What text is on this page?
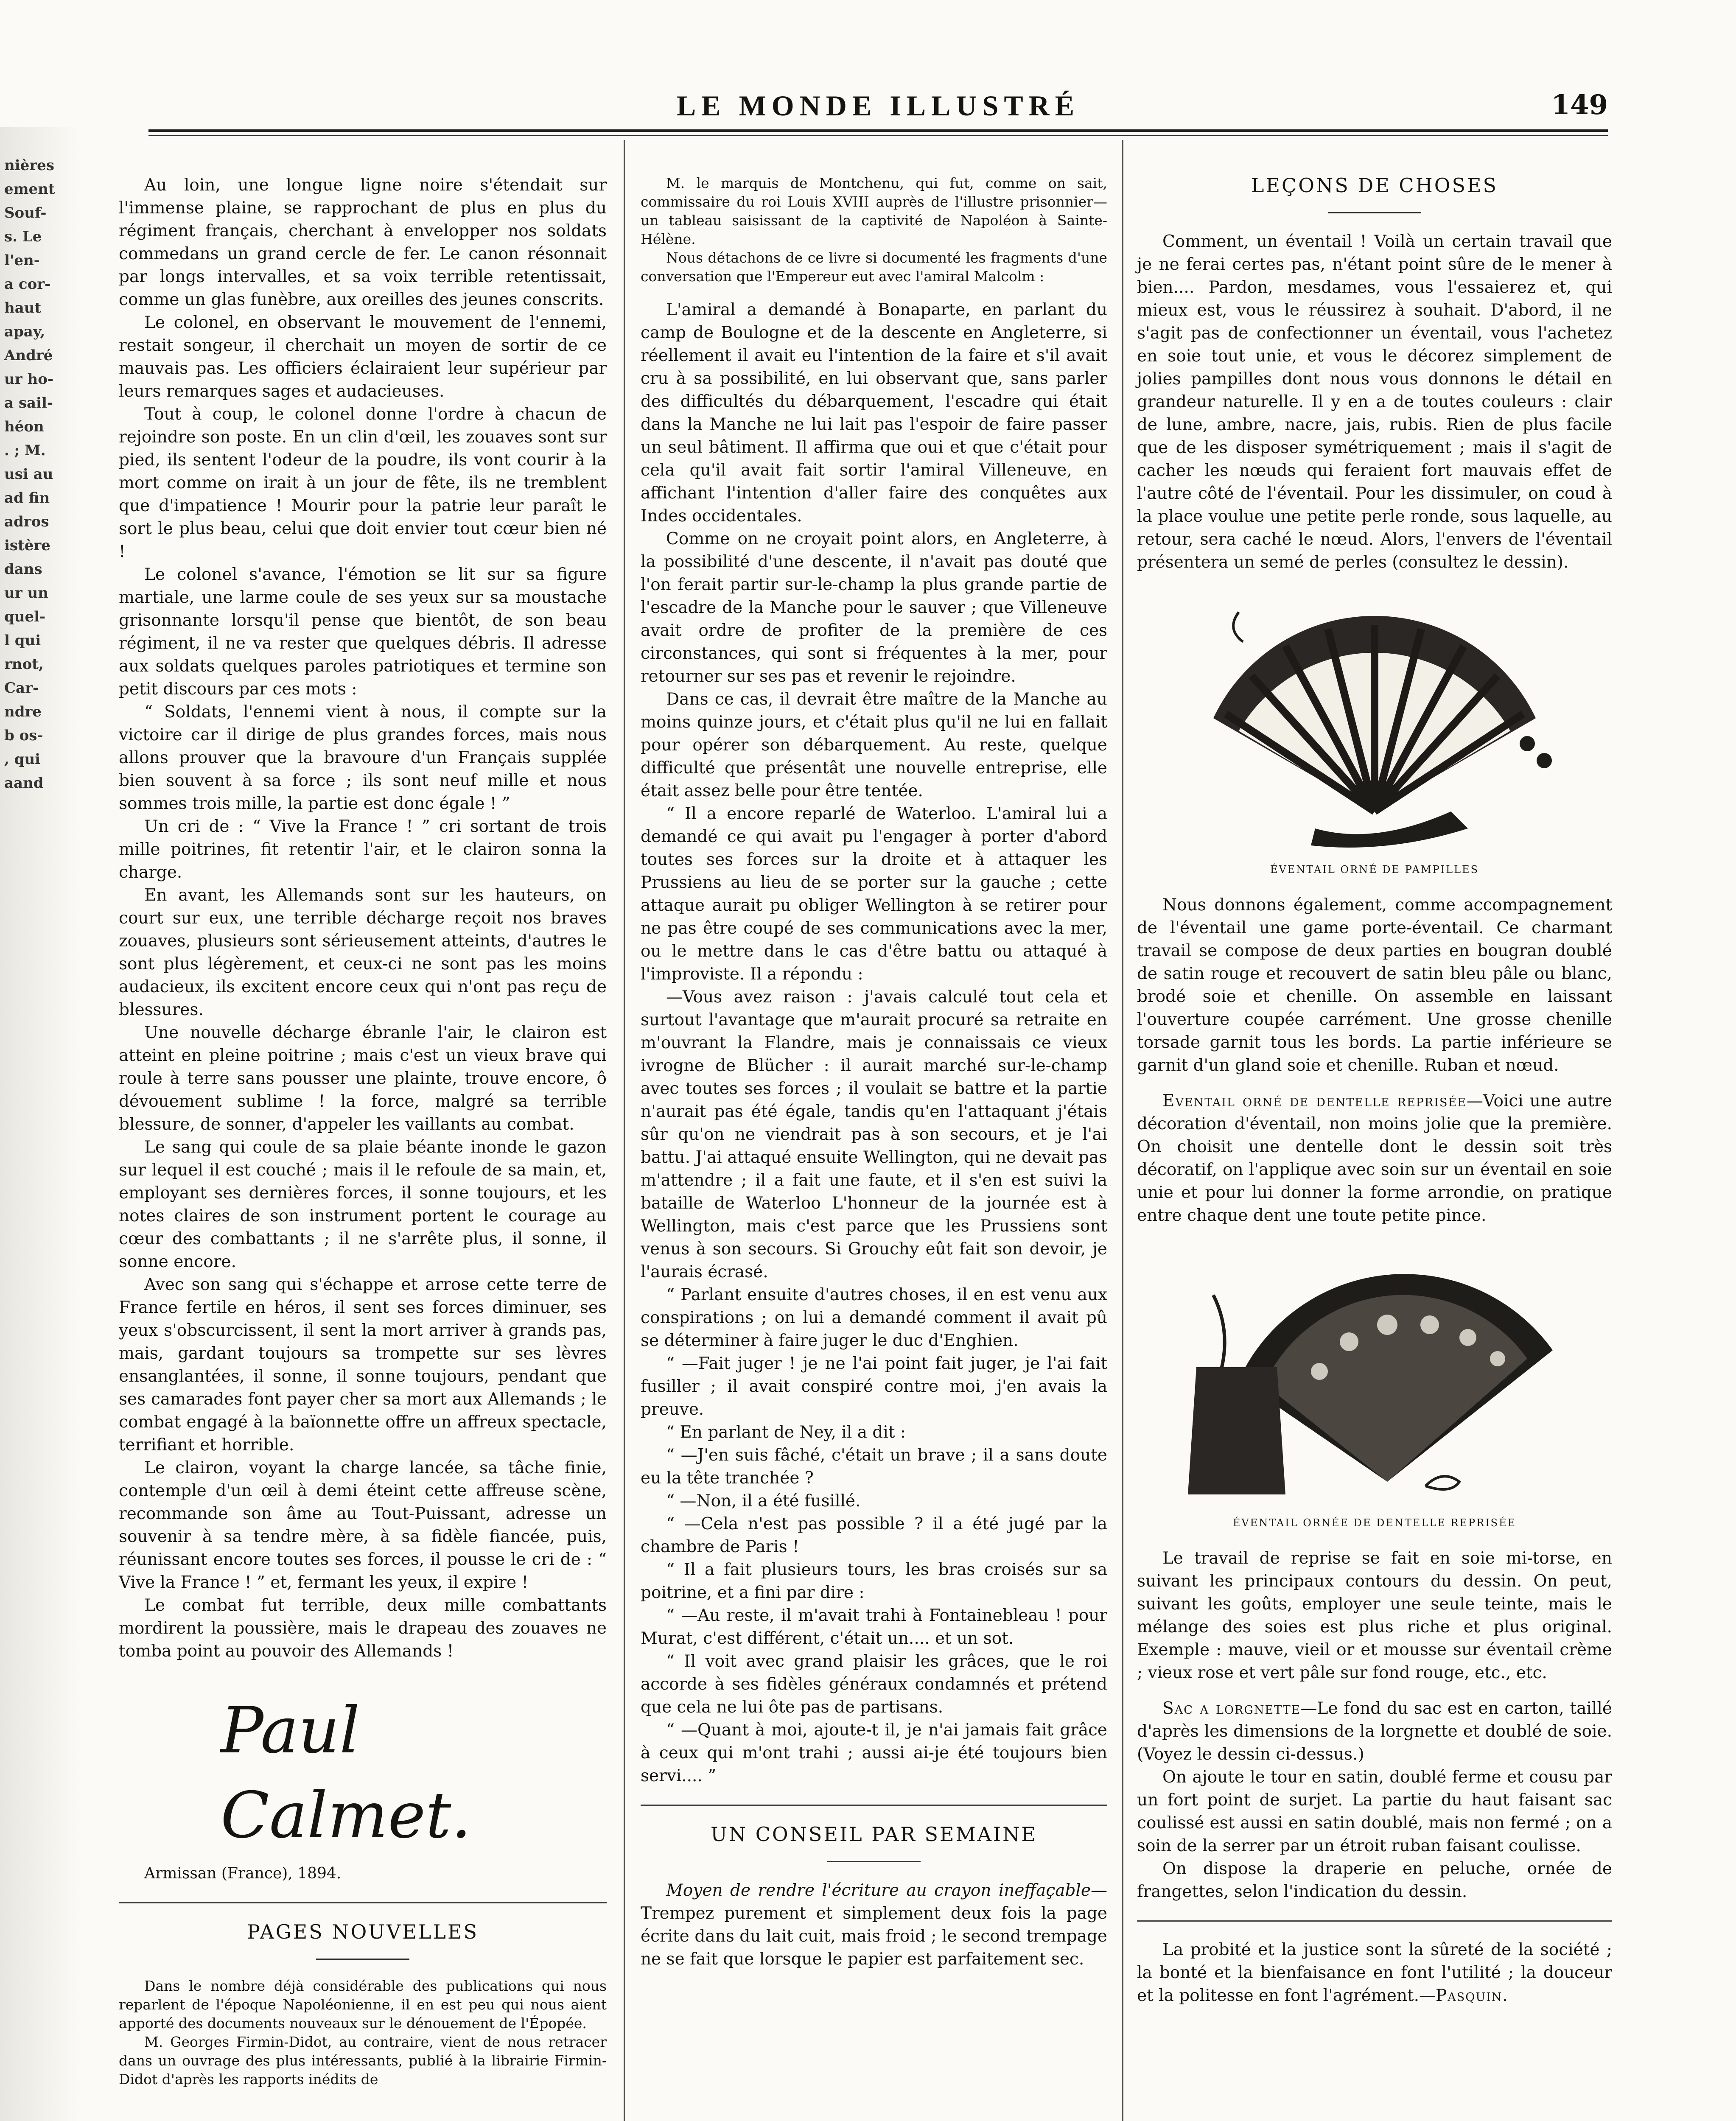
nières
ement
Souf-
s. Le
l'en-
a cor-
haut
apay,
André
ur ho-
a sail-
héon
. ; M.
usi au
ad fin
adros
istère
dans
ur un
quel-
l qui
rnot,
Car-
ndre
b os-
, qui
aand
LE MONDE ILLUSTRÉ	149

Au loin, une longue ligne noire s'étendait sur l'immense plaine, se rapprochant de plus en plus du régiment français, cherchant à envelopper nos soldats commedans un grand cercle de fer. Le canon résonnait par longs intervalles, et sa voix terrible retentissait, comme un glas funèbre, aux oreilles des jeunes conscrits.

Le colonel, en observant le mouvement de l'ennemi, restait songeur, il cherchait un moyen de sortir de ce mauvais pas. Les officiers éclairaient leur supérieur par leurs remarques sages et audacieuses.

Tout à coup, le colonel donne l'ordre à chacun de rejoindre son poste. En un clin d'œil, les zouaves sont sur pied, ils sentent l'odeur de la poudre, ils vont courir à la mort comme on irait à un jour de fête, ils ne tremblent que d'impatience ! Mourir pour la patrie leur paraît le sort le plus beau, celui que doit envier tout cœur bien né !

Le colonel s'avance, l'émotion se lit sur sa figure martiale, une larme coule de ses yeux sur sa moustache grisonnante lorsqu'il pense que bientôt, de son beau régiment, il ne va rester que quelques débris. Il adresse aux soldats quelques paroles patriotiques et termine son petit discours par ces mots :

“ Soldats, l'ennemi vient à nous, il compte sur la victoire car il dirige de plus grandes forces, mais nous allons prouver que la bravoure d'un Français supplée bien souvent à sa force ; ils sont neuf mille et nous sommes trois mille, la partie est donc égale ! ”

Un cri de : “ Vive la France ! ” cri sortant de trois mille poitrines, fit retentir l'air, et le clairon sonna la charge.

En avant, les Allemands sont sur les hauteurs, on court sur eux, une terrible décharge reçoit nos braves zouaves, plusieurs sont sérieusement atteints, d'autres le sont plus légèrement, et ceux-ci ne sont pas les moins audacieux, ils excitent encore ceux qui n'ont pas reçu de blessures.

Une nouvelle décharge ébranle l'air, le clairon est atteint en pleine poitrine ; mais c'est un vieux brave qui roule à terre sans pousser une plainte, trouve encore, ô dévouement sublime ! la force, malgré sa terrible blessure, de sonner, d'appeler les vaillants au combat.

Le sang qui coule de sa plaie béante inonde le gazon sur lequel il est couché ; mais il le refoule de sa main, et, employant ses dernières forces, il sonne toujours, et les notes claires de son instrument portent le courage au cœur des combattants ; il ne s'arrête plus, il sonne, il sonne encore.

Avec son sang qui s'échappe et arrose cette terre de France fertile en héros, il sent ses forces diminuer, ses yeux s'obscurcissent, il sent la mort arriver à grands pas, mais, gardant toujours sa trompette sur ses lèvres ensanglantées, il sonne, il sonne toujours, pendant que ses camarades font payer cher sa mort aux Allemands ; le combat engagé à la baïonnette offre un affreux spectacle, terrifiant et horrible.

Le clairon, voyant la charge lancée, sa tâche finie, contemple d'un œil à demi éteint cette affreuse scène, recommande son âme au Tout-Puissant, adresse un souvenir à sa tendre mère, à sa fidèle fiancée, puis, réunissant encore toutes ses forces, il pousse le cri de : “ Vive la France ! ” et, fermant les yeux, il expire !

Le combat fut terrible, deux mille combattants mordirent la poussière, mais le drapeau des zouaves ne tomba point au pouvoir des Allemands !

Paul Calmet.

Armissan (France), 1894.

PAGES NOUVELLES

Dans le nombre déjà considérable des publications qui nous reparlent de l'époque Napoléonienne, il en est peu qui nous aient apporté des documents nouveaux sur le dénouement de l'Épopée.

M. Georges Firmin-Didot, au contraire, vient de nous retracer dans un ouvrage des plus intéressants, publié à la librairie Firmin-Didot d'après les rapports inédits de

M. le marquis de Montchenu, qui fut, comme on sait, commissaire du roi Louis XVIII auprès de l'illustre prisonnier—un tableau saisissant de la captivité de Napoléon à Sainte-Hélène.

Nous détachons de ce livre si documenté les fragments d'une conversation que l'Empereur eut avec l'amiral Malcolm :

L'amiral a demandé à Bonaparte, en parlant du camp de Boulogne et de la descente en Angleterre, si réellement il avait eu l'intention de la faire et s'il avait cru à sa possibilité, en lui observant que, sans parler des difficultés du débarquement, l'escadre qui était dans la Manche ne lui lait pas l'espoir de faire passer un seul bâtiment. Il affirma que oui et que c'était pour cela qu'il avait fait sortir l'amiral Villeneuve, en affichant l'intention d'aller faire des conquêtes aux Indes occidentales.

Comme on ne croyait point alors, en Angleterre, à la possibilité d'une descente, il n'avait pas douté que l'on ferait partir sur-le-champ la plus grande partie de l'escadre de la Manche pour le sauver ; que Villeneuve avait ordre de profiter de la première de ces circonstances, qui sont si fréquentes à la mer, pour retourner sur ses pas et revenir le rejoindre.

Dans ce cas, il devrait être maître de la Manche au moins quinze jours, et c'était plus qu'il ne lui en fallait pour opérer son débarquement. Au reste, quelque difficulté que présentât une nouvelle entreprise, elle était assez belle pour être tentée.

“ Il a encore reparlé de Waterloo. L'amiral lui a demandé ce qui avait pu l'engager à porter d'abord toutes ses forces sur la droite et à attaquer les Prussiens au lieu de se porter sur la gauche ; cette attaque aurait pu obliger Wellington à se retirer pour ne pas être coupé de ses communications avec la mer, ou le mettre dans le cas d'être battu ou attaqué à l'improviste. Il a répondu :

—Vous avez raison : j'avais calculé tout cela et surtout l'avantage que m'aurait procuré sa retraite en m'ouvrant la Flandre, mais je connaissais ce vieux ivrogne de Blücher : il aurait marché sur-le-champ avec toutes ses forces ; il voulait se battre et la partie n'aurait pas été égale, tandis qu'en l'attaquant j'étais sûr qu'on ne viendrait pas à son secours, et je l'ai battu. J'ai attaqué ensuite Wellington, qui ne devait pas m'attendre ; il a fait une faute, et il s'en est suivi la bataille de Waterloo L'honneur de la journée est à Wellington, mais c'est parce que les Prussiens sont venus à son secours. Si Grouchy eût fait son devoir, je l'aurais écrasé.

“ Parlant ensuite d'autres choses, il en est venu aux conspirations ; on lui a demandé comment il avait pû se déterminer à faire juger le duc d'Enghien.

“ —Fait juger ! je ne l'ai point fait juger, je l'ai fait fusiller ; il avait conspiré contre moi, j'en avais la preuve.

“ En parlant de Ney, il a dit :

“ —J'en suis fâché, c'était un brave ; il a sans doute eu la tête tranchée ?

“ —Non, il a été fusillé.

“ —Cela n'est pas possible ? il a été jugé par la chambre de Paris !

“ Il a fait plusieurs tours, les bras croisés sur sa poitrine, et a fini par dire :

“ —Au reste, il m'avait trahi à Fontainebleau ! pour Murat, c'est différent, c'était un.... et un sot.

“ Il voit avec grand plaisir les grâces, que le roi accorde à ses fidèles généraux condamnés et prétend que cela ne lui ôte pas de partisans.

“ —Quant à moi, ajoute-t il, je n'ai jamais fait grâce à ceux qui m'ont trahi ; aussi ai-je été toujours bien servi.... ”

UN CONSEIL PAR SEMAINE

Moyen de rendre l'écriture au crayon ineffaçable—Trempez purement et simplement deux fois la page écrite dans du lait cuit, mais froid ; le second trempage ne se fait que lorsque le papier est parfaitement sec.

LEÇONS DE CHOSES

Comment, un éventail ! Voilà un certain travail que je ne ferai certes pas, n'étant point sûre de le mener à bien.... Pardon, mesdames, vous l'essaierez et, qui mieux est, vous le réussirez à souhait. D'abord, il ne s'agit pas de confectionner un éventail, vous l'achetez en soie tout unie, et vous le décorez simplement de jolies pampilles dont nous vous donnons le détail en grandeur naturelle. Il y en a de toutes couleurs : clair de lune, ambre, nacre, jais, rubis. Rien de plus facile que de les disposer symétriquement ; mais il s'agit de cacher les nœuds qui feraient fort mauvais effet de l'autre côté de l'éventail. Pour les dissimuler, on coud à la place voulue une petite perle ronde, sous laquelle, au retour, sera caché le nœud. Alors, l'envers de l'éventail présentera un semé de perles (consultez le dessin).

ÉVENTAIL ORNÉ DE PAMPILLES

Nous donnons également, comme accompagnement de l'éventail une game porte-éventail. Ce charmant travail se compose de deux parties en bougran doublé de satin rouge et recouvert de satin bleu pâle ou blanc, brodé soie et chenille. On assemble en laissant l'ouverture coupée carrément. Une grosse chenille torsade garnit tous les bords. La partie inférieure se garnit d'un gland soie et chenille. Ruban et nœud.

Eventail orné de dentelle reprisée—Voici une autre décoration d'éventail, non moins jolie que la première. On choisit une dentelle dont le dessin soit très décoratif, on l'applique avec soin sur un éventail en soie unie et pour lui donner la forme arrondie, on pratique entre chaque dent une toute petite pince.

ÉVENTAIL ORNÉE DE DENTELLE REPRISÉE

Le travail de reprise se fait en soie mi-torse, en suivant les principaux contours du dessin. On peut, suivant les goûts, employer une seule teinte, mais le mélange des soies est plus riche et plus original. Exemple : mauve, vieil or et mousse sur éventail crème ; vieux rose et vert pâle sur fond rouge, etc., etc.

Sac a lorgnette—Le fond du sac est en carton, taillé d'après les dimensions de la lorgnette et doublé de soie. (Voyez le dessin ci-dessus.)

On ajoute le tour en satin, doublé ferme et cousu par un fort point de surjet. La partie du haut faisant sac coulissé est aussi en satin doublé, mais non fermé ; on a soin de la serrer par un étroit ruban faisant coulisse.

On dispose la draperie en peluche, ornée de frangettes, selon l'indication du dessin.

La probité et la justice sont la sûreté de la société ; la bonté et la bienfaisance en font l'utilité ; la douceur et la politesse en font l'agrément.—Pasquin.
